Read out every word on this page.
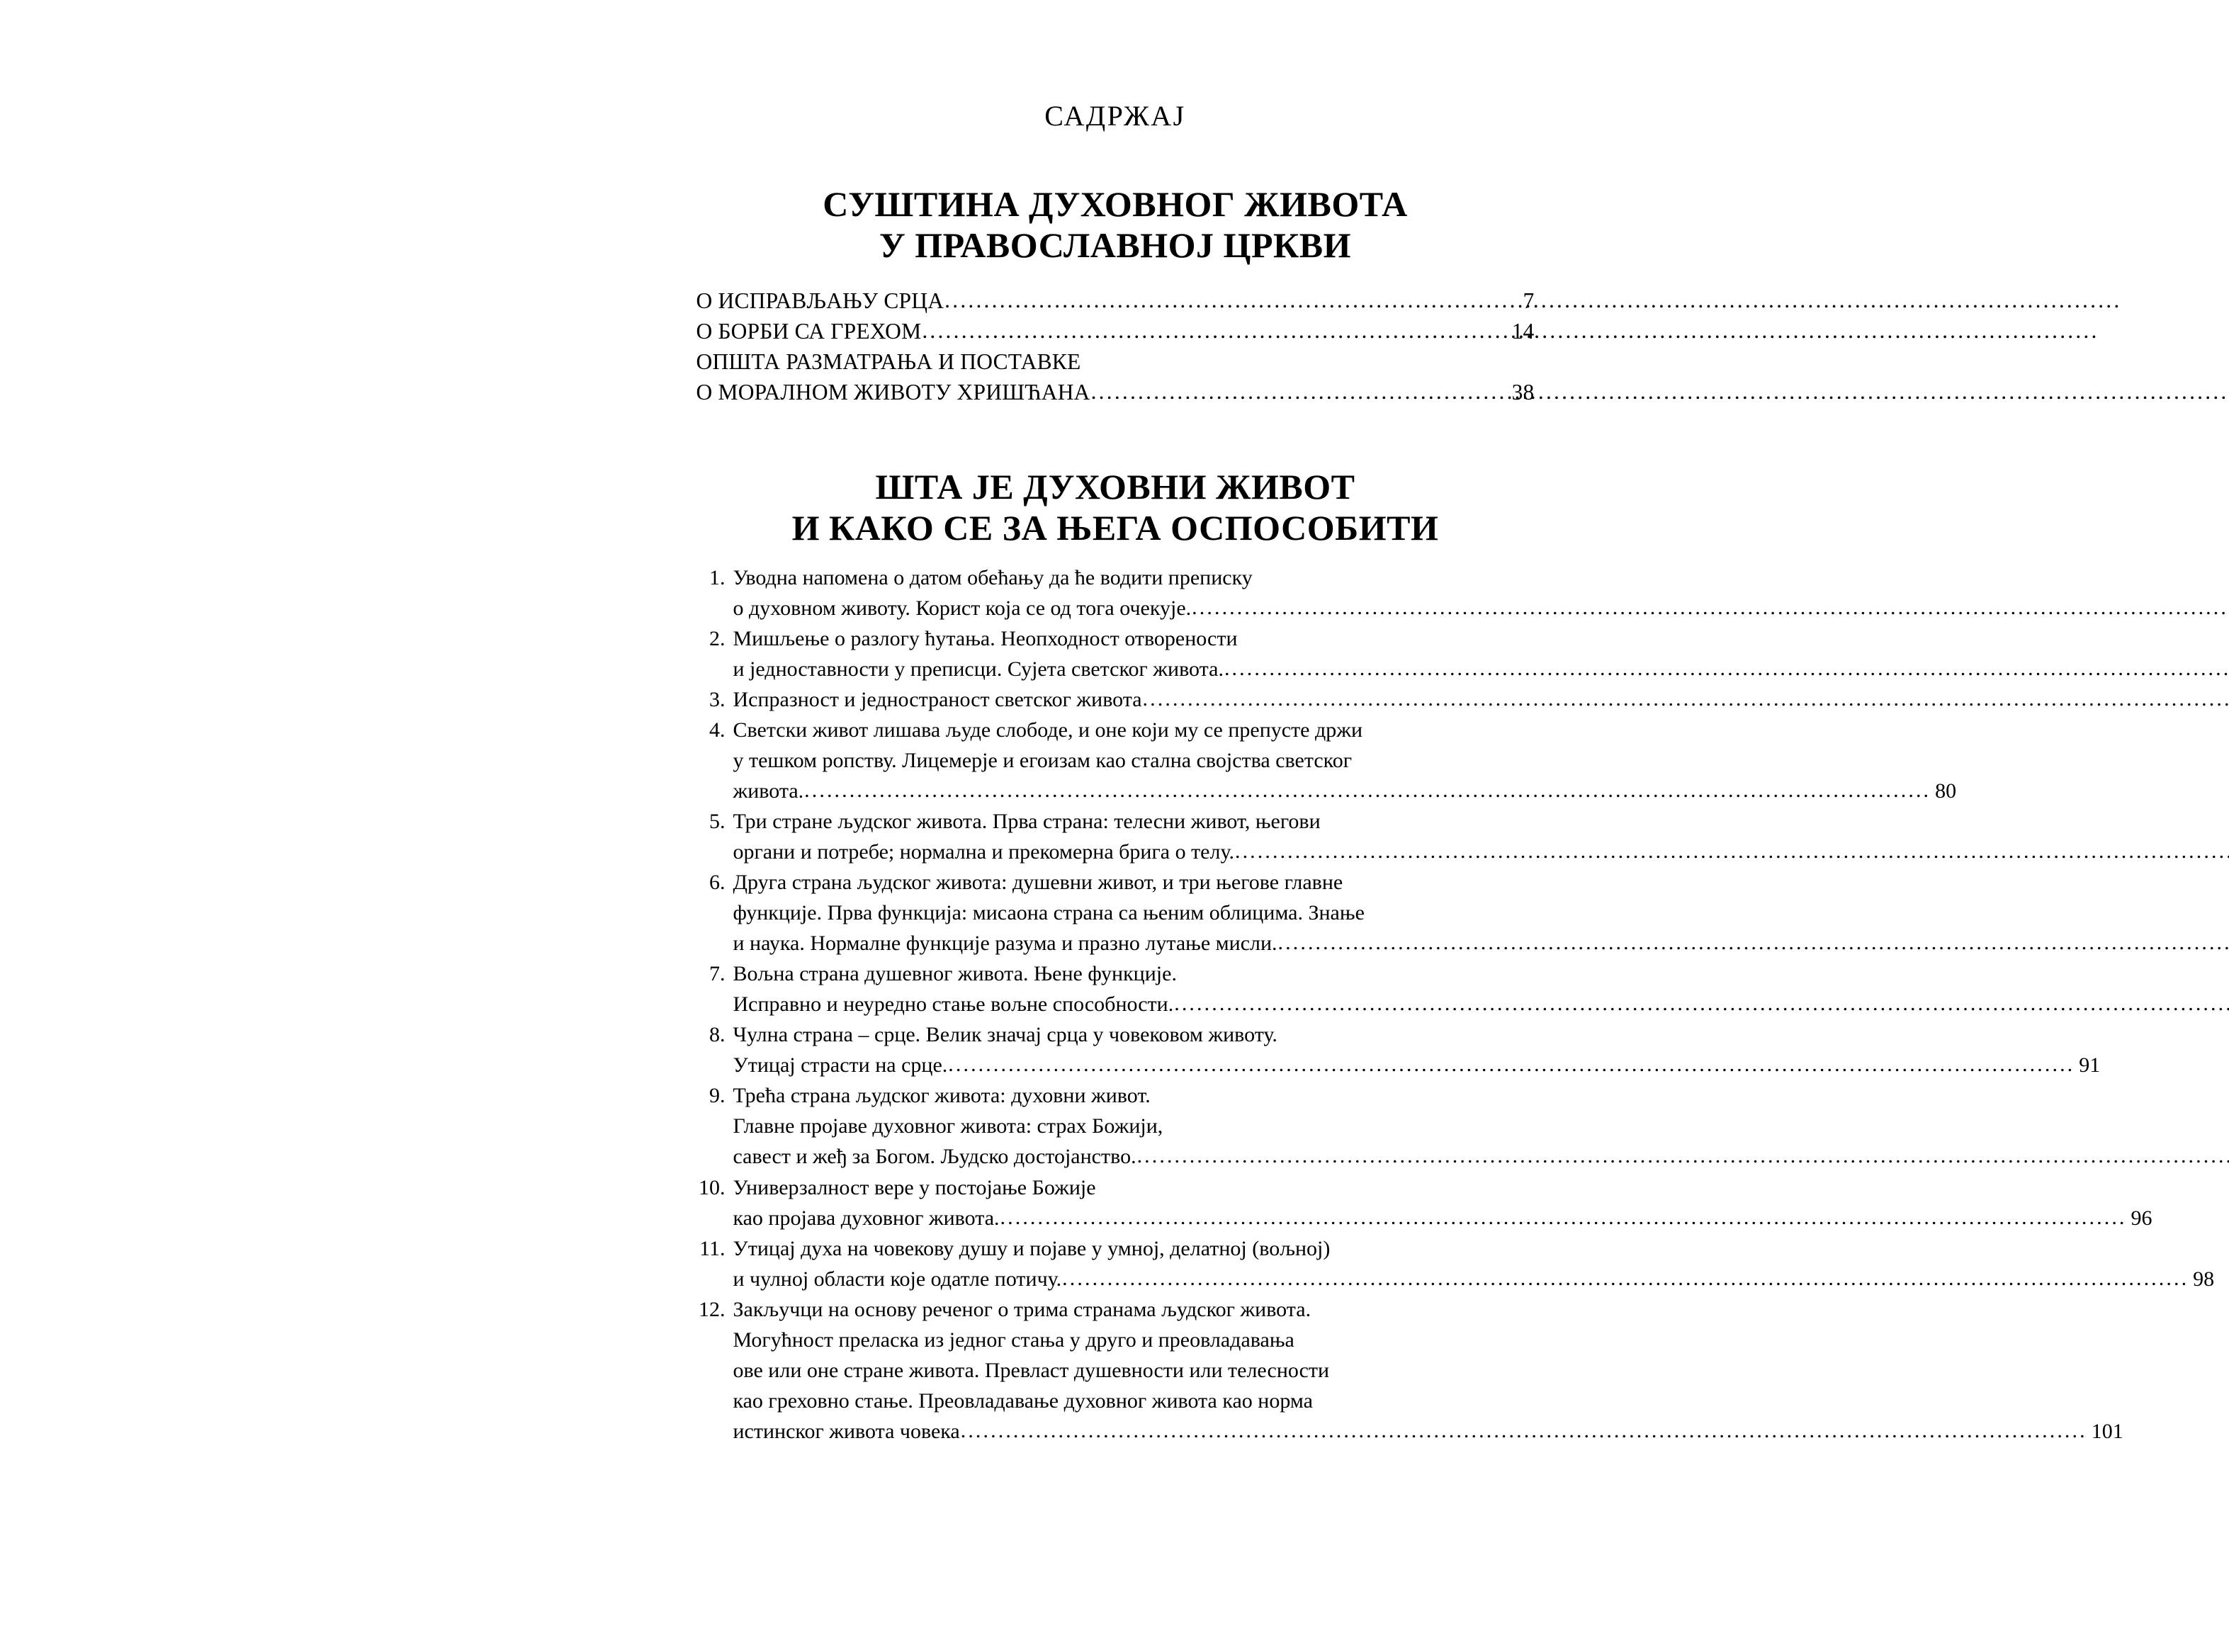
САДРЖАЈ
СУШТИНА ДУХОВНОГ ЖИВОТА
У ПРАВОСЛАВНОЈ ЦРКВИ
О ИСПРАВЉАЊУ СРЦА .....	7
О БОРБИ СА ГРЕХОМ .....	14
ОПШТА РАЗМАТРАЊА И ПОСТАВКЕ
О МОРАЛНОМ ЖИВОТУ ХРИШЋАНА .....	38
ШТА ЈЕ ДУХОВНИ ЖИВОТ
И КАКО СЕ ЗА ЊЕГА ОСПОСОБИТИ
1. Уводна напомена о датом обећању да ће водити преписку
о духовном животу. Корист која се од тога очекује.
.....
2. Мишљење о разлогу ћутања. Неопходност отворености
и једноставности у преписци. Сујета светског живота.
.....
3. Испразност и једностраност светског живота
.....
4. Светски живот лишава људе слободе, и оне који му се препусте држи
у тешком ропству. Лицемерје и егоизам као стална својства светског
живота. .....	80
5. Три стране људског живота. Прва страна: телесни живот, његови
органи и потребе; нормална и прекомерна брига о телу.
.....
6. Друга страна људског живота: душевни живот, и три његове главне
функције. Прва функција: мисаона страна са њеним облицима. Знање
и наука. Нормалне функције разума и празно лутање мисли.
.....
7. Вољна страна душевног живота. Њене функције.
Исправно и неуредно стање вољне способности.
.....
8. Чулна страна – срце. Велик значај срца у човековом животу.
Утицај страсти на срце. .....	91
9. Трећа страна људског живота: духовни живот.
Главне пројаве духовног живота: страх Божији,
савест и жеђ за Богом. Људско достојанство.
.....
10. Универзалност вере у постојање Божије
као пројава духовног живота. .....	96
11. Утицај духа на човекову душу и појаве у умној, делатној (вољној)
и чулној области које одатле потичу. .....	98
12. Закључци на основу реченог о трима странама људског живота.
Могућност преласка из једног стања у друго и преовладавања
ове или оне стране живота. Превласт душевности или телесности
као греховно стање. Преовладавање духовног живота као норма
истинског живота човека .....	101
